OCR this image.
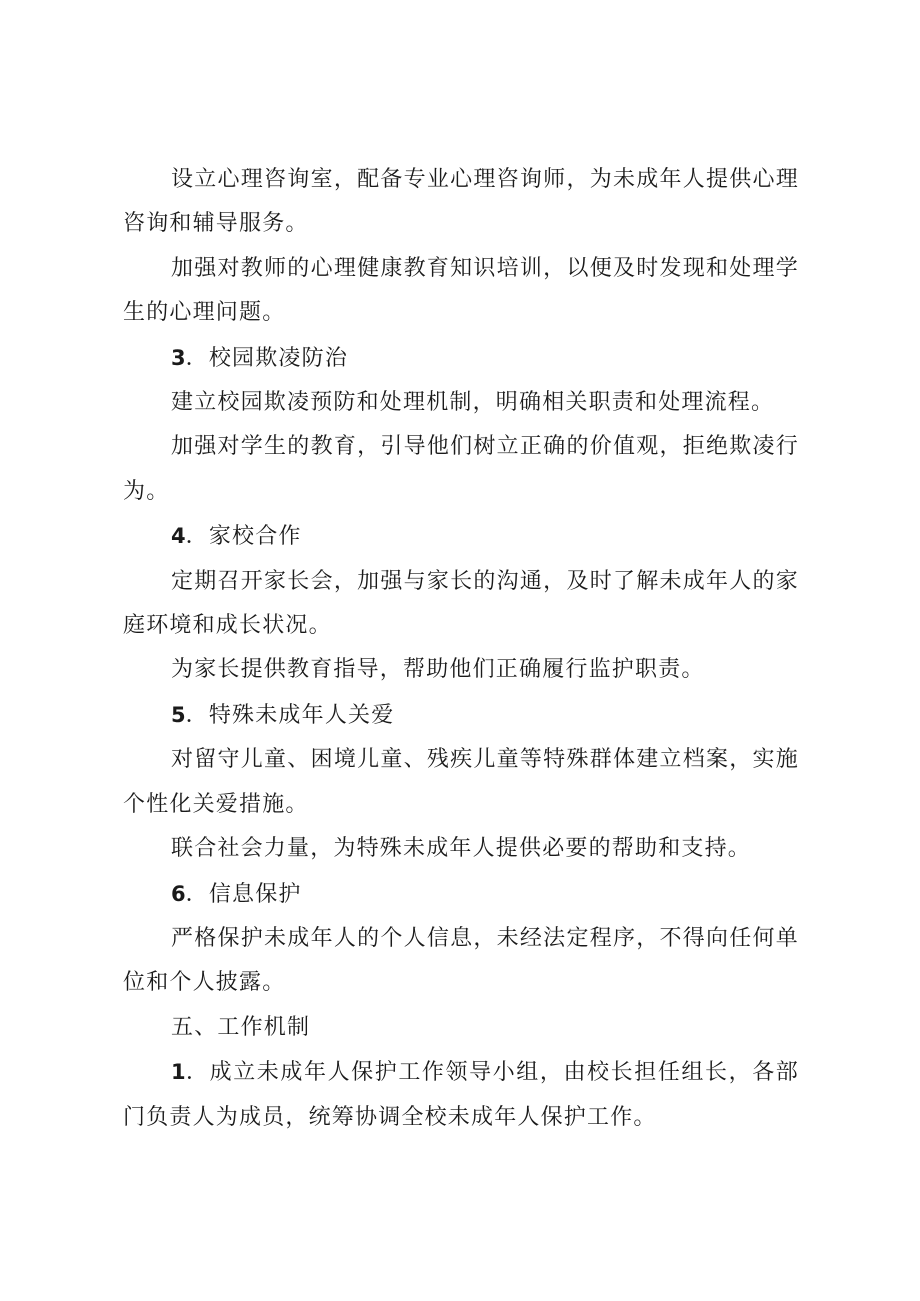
设立心理咨询室，配备专业心理咨询师，为未成年人提供心理咨询和辅导服务。

加强对教师的心理健康教育知识培训，以便及时发现和处理学生的心理问题。

3．校园欺凌防治

建立校园欺凌预防和处理机制，明确相关职责和处理流程。

加强对学生的教育，引导他们树立正确的价值观，拒绝欺凌行为。

4．家校合作

定期召开家长会，加强与家长的沟通，及时了解未成年人的家庭环境和成长状况。

为家长提供教育指导，帮助他们正确履行监护职责。

5．特殊未成年人关爱

对留守儿童、困境儿童、残疾儿童等特殊群体建立档案，实施个性化关爱措施。

联合社会力量，为特殊未成年人提供必要的帮助和支持。

6．信息保护

严格保护未成年人的个人信息，未经法定程序，不得向任何单位和个人披露。

五、工作机制

1．成立未成年人保护工作领导小组，由校长担任组长，各部门负责人为成员，统筹协调全校未成年人保护工作。
